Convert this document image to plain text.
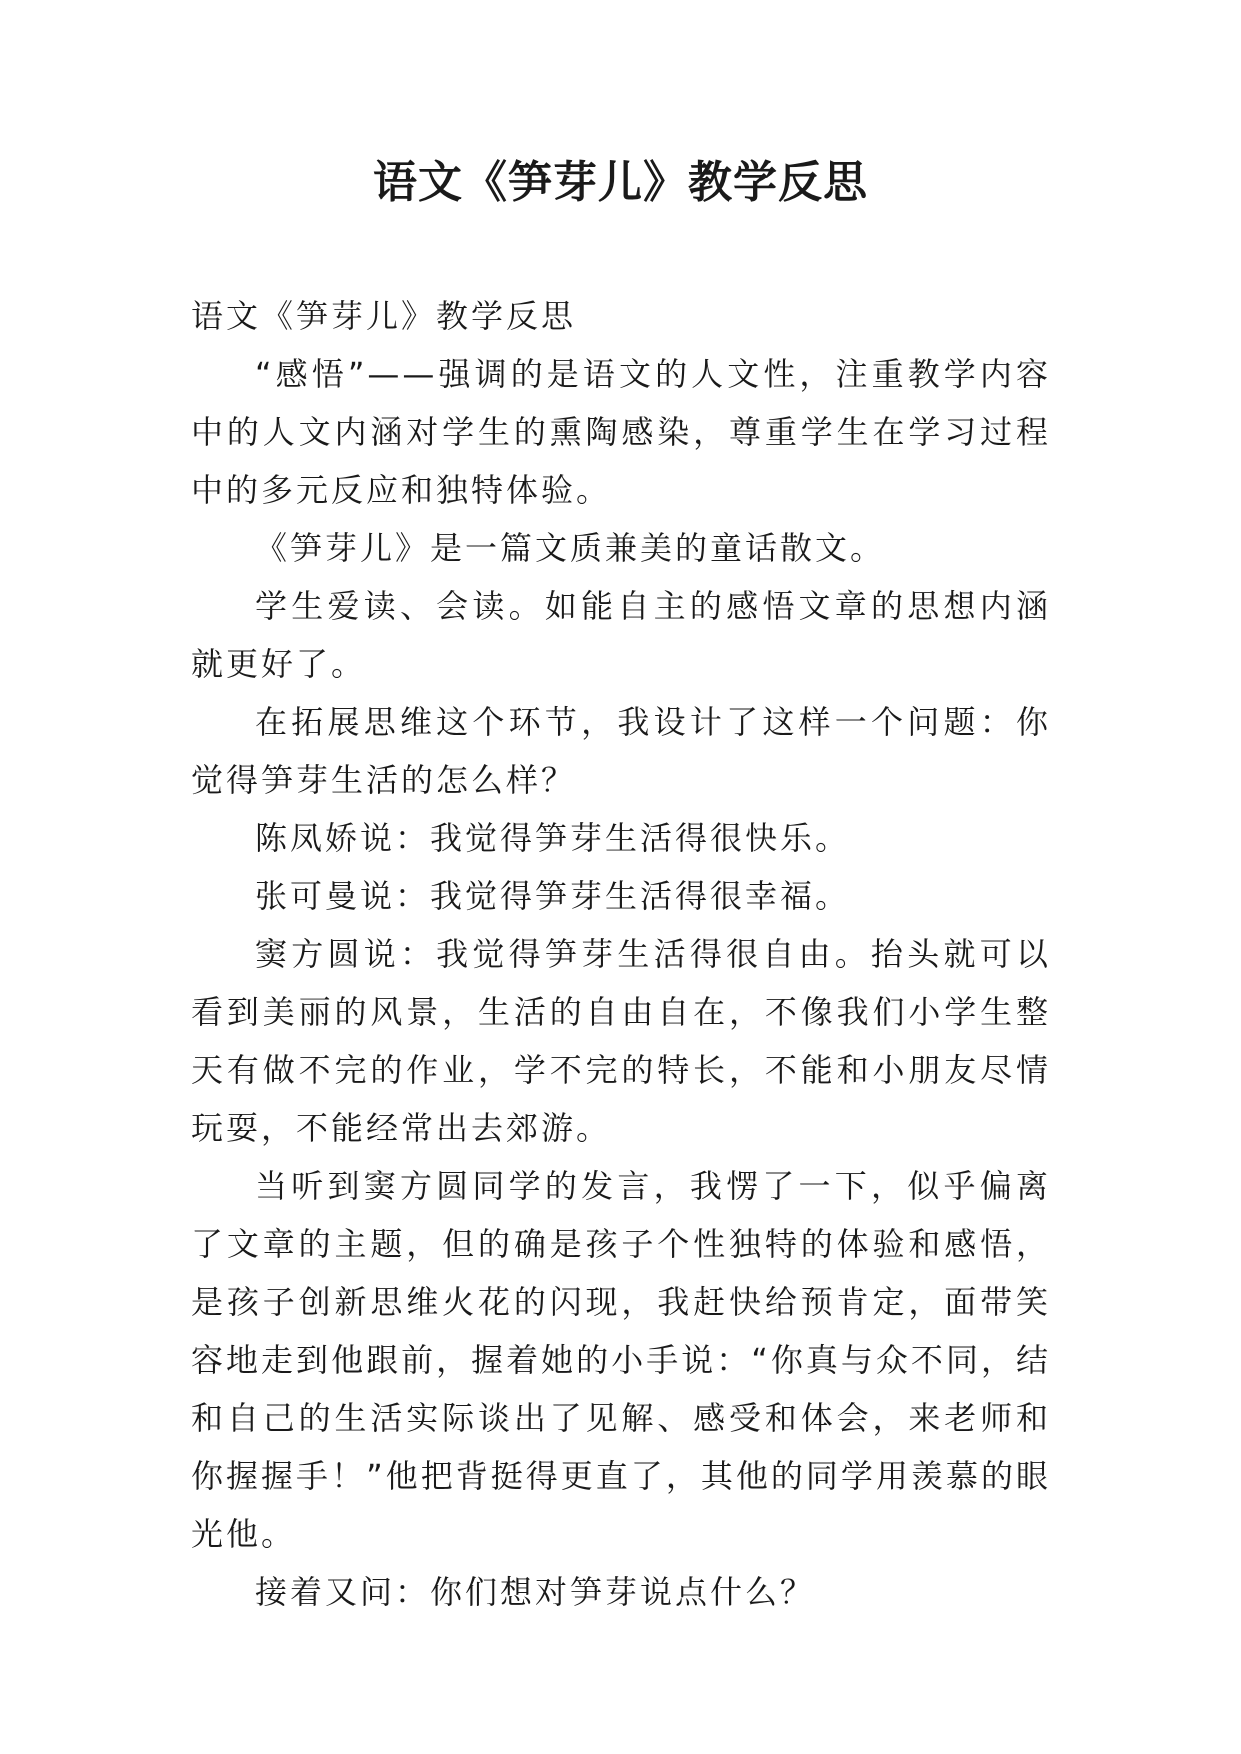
语文《笋芽儿》教学反思

语文《笋芽儿》教学反思

“感悟”——强调的是语文的人文性，注重教学内容中的人文内涵对学生的熏陶感染，尊重学生在学习过程中的多元反应和独特体验。

《笋芽儿》是一篇文质兼美的童话散文。

学生爱读、会读。如能自主的感悟文章的思想内涵就更好了。

在拓展思维这个环节，我设计了这样一个问题：你觉得笋芽生活的怎么样？

陈凤娇说：我觉得笋芽生活得很快乐。

张可曼说：我觉得笋芽生活得很幸福。

窦方圆说：我觉得笋芽生活得很自由。抬头就可以看到美丽的风景，生活的自由自在，不像我们小学生整天有做不完的作业，学不完的特长，不能和小朋友尽情玩耍，不能经常出去郊游。

当听到窦方圆同学的发言，我愣了一下，似乎偏离了文章的主题，但的确是孩子个性独特的体验和感悟，是孩子创新思维火花的闪现，我赶快给预肯定，面带笑容地走到他跟前，握着她的小手说：“你真与众不同，结和自己的生活实际谈出了见解、感受和体会，来老师和你握握手！”他把背挺得更直了，其他的同学用羡慕的眼光他。

接着又问：你们想对笋芽说点什么？
